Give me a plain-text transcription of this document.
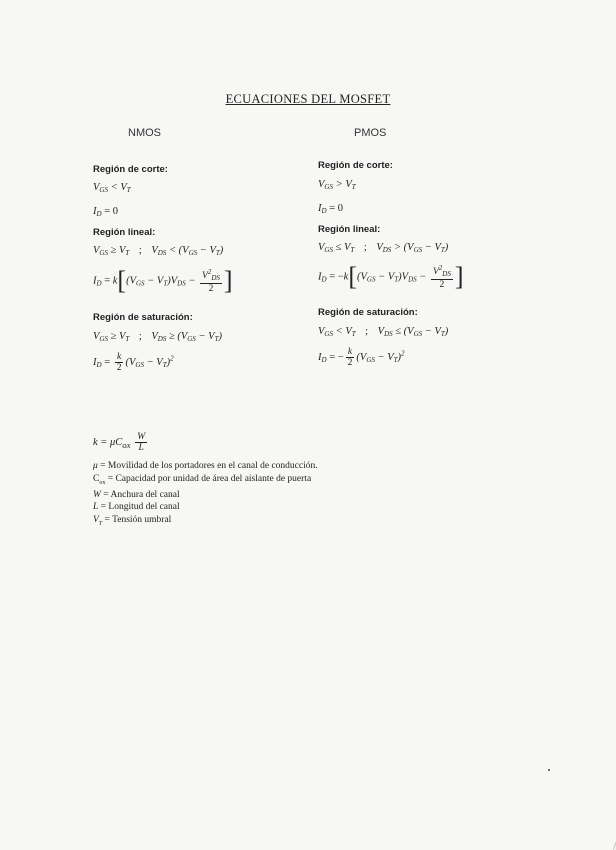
ECUACIONES DEL MOSFET
NMOS	PMOS
Región de corte:
$V_{GS} < V_T$
$I_D = 0$
Región lineal:
$V_{GS} \ge V_T$ ; $V_{DS} < (V_{GS} - V_T)$
$I_D = k[(V_{GS} - V_T)V_{DS} - \frac{V^2_{DS}}{2}$ ]
Región de saturación:
$V_{GS} \ge V_T$ ; $V_{DS} \ge (V_{GS} - V_T)$
$I_D = \frac{k}{2} (V_{GS} - V_T)^2$
Región de corte:
$V_{GS} > V_T$
$I_D = 0$
Región lineal:
$V_{GS} \le V_T$ ; $V_{DS} > (V_{GS} - V_T)$
$I_D = -k[(V_{GS} - V_T)V_{DS} - \frac{V^2_{DS}}{2}$ ]
Región de saturación:
$V_{GS} < V_T$ ; $V_{DS} \le (V_{GS} - V_T)$
$I_D$ = − $\frac{k}{2} (V_{GS} - V_T)^2$
$k = \mu C_{ox} \frac{W}{L}$
μ = Movilidad de los portadores en el canal de conducción.
$C_{ox}$ = Capacidad por unidad de área del aislante de puerta
W = Anchura del canal
L = Longitud del canal
$V_T$ = Tensión umbral
